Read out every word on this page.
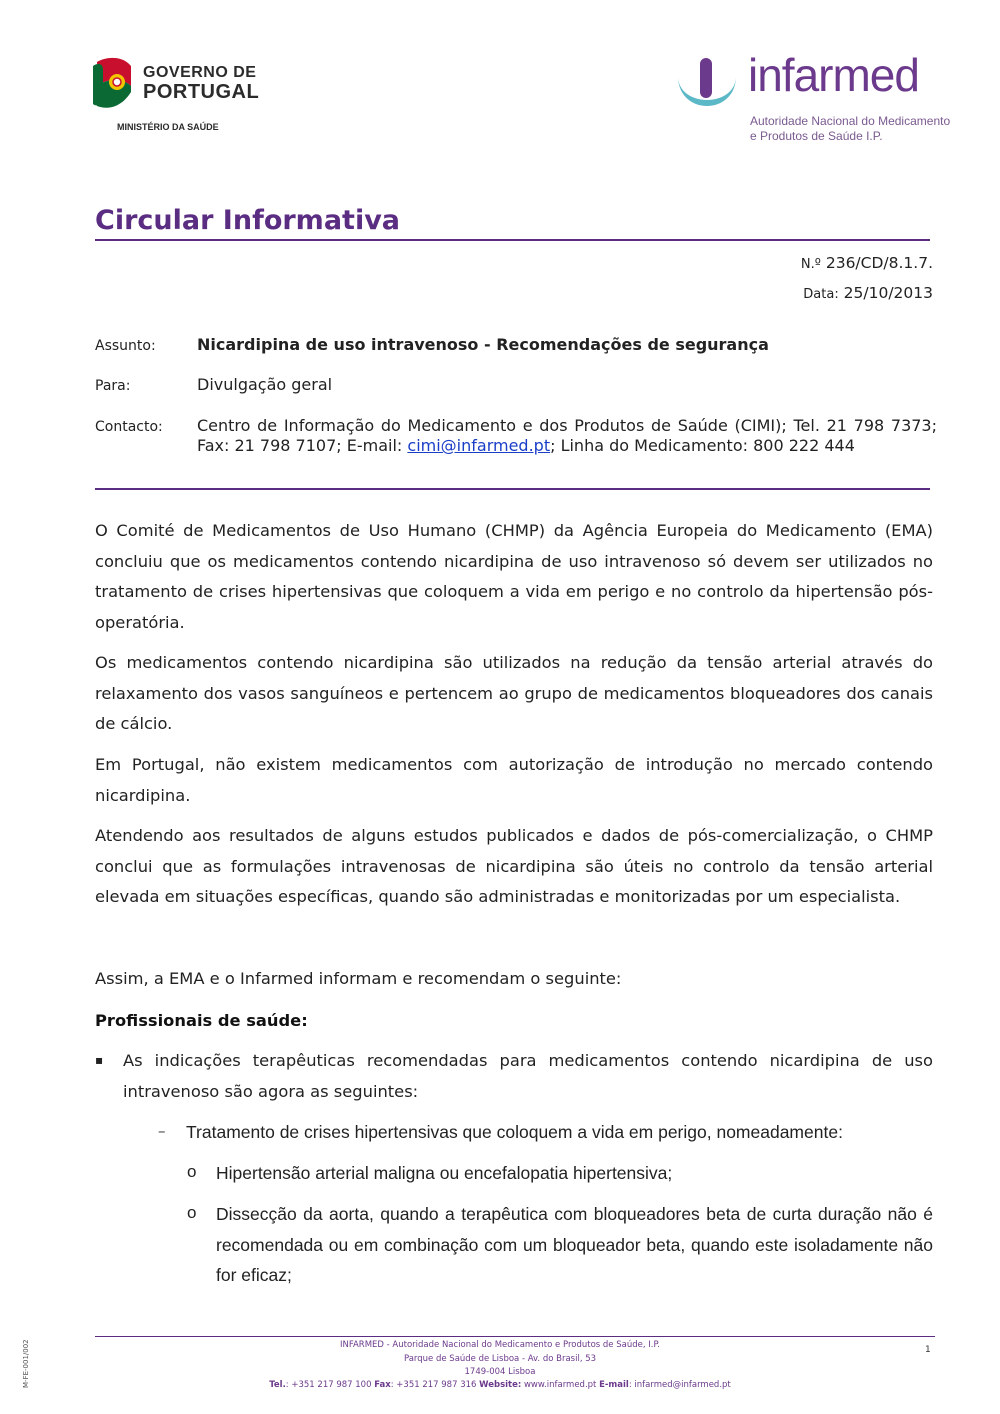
GOVERNO DE
PORTUGAL
MINISTÉRIO DA SAÚDE
infarmed
Autoridade Nacional do Medicamento
e Produtos de Saúde I.P.
Circular Informativa
N.º 236/CD/8.1.7.
Data: 25/10/2013
Assunto:	Nicardipina de uso intravenoso - Recomendações de segurança
Para:	Divulgação geral
Contacto: Centro de Informação do Medicamento e dos Produtos de Saúde (CIMI); Tel. 21 798 7373; Fax: 21 798 7107; E-mail: cimi@infarmed.pt; Linha do Medicamento: 800 222 444

O Comité de Medicamentos de Uso Humano (CHMP) da Agência Europeia do Medicamento (EMA) concluiu que os medicamentos contendo nicardipina de uso intravenoso só devem ser utilizados no tratamento de crises hipertensivas que coloquem a vida em perigo e no controlo da hipertensão pós-operatória.

Os medicamentos contendo nicardipina são utilizados na redução da tensão arterial através do relaxamento dos vasos sanguíneos e pertencem ao grupo de medicamentos bloqueadores dos canais de cálcio.

Em Portugal, não existem medicamentos com autorização de introdução no mercado contendo nicardipina.

Atendendo aos resultados de alguns estudos publicados e dados de pós-comercialização, o CHMP conclui que as formulações intravenosas de nicardipina são úteis no controlo da tensão arterial elevada em situações específicas, quando são administradas e monitorizadas por um especialista.

Assim, a EMA e o Infarmed informam e recomendam o seguinte:

Profissionais de saúde:
▪ As indicações terapêuticas recomendadas para medicamentos contendo nicardipina de uso intravenoso são agora as seguintes:
– Tratamento de crises hipertensivas que coloquem a vida em perigo, nomeadamente:
o Hipertensão arterial maligna ou encefalopatia hipertensiva;
o Dissecção da aorta, quando a terapêutica com bloqueadores beta de curta duração não é recomendada ou em combinação com um bloqueador beta, quando este isoladamente não for eficaz;
INFARMED - Autoridade Nacional do Medicamento e Produtos de Saúde, I.P.
Parque de Saúde de Lisboa - Av. do Brasil, 53
1749-004 Lisboa
Tel.: +351 217 987 100 Fax: +351 217 987 316 Website: www.infarmed.pt E-mail: infarmed@infarmed.pt
1
M-FE-001/002
